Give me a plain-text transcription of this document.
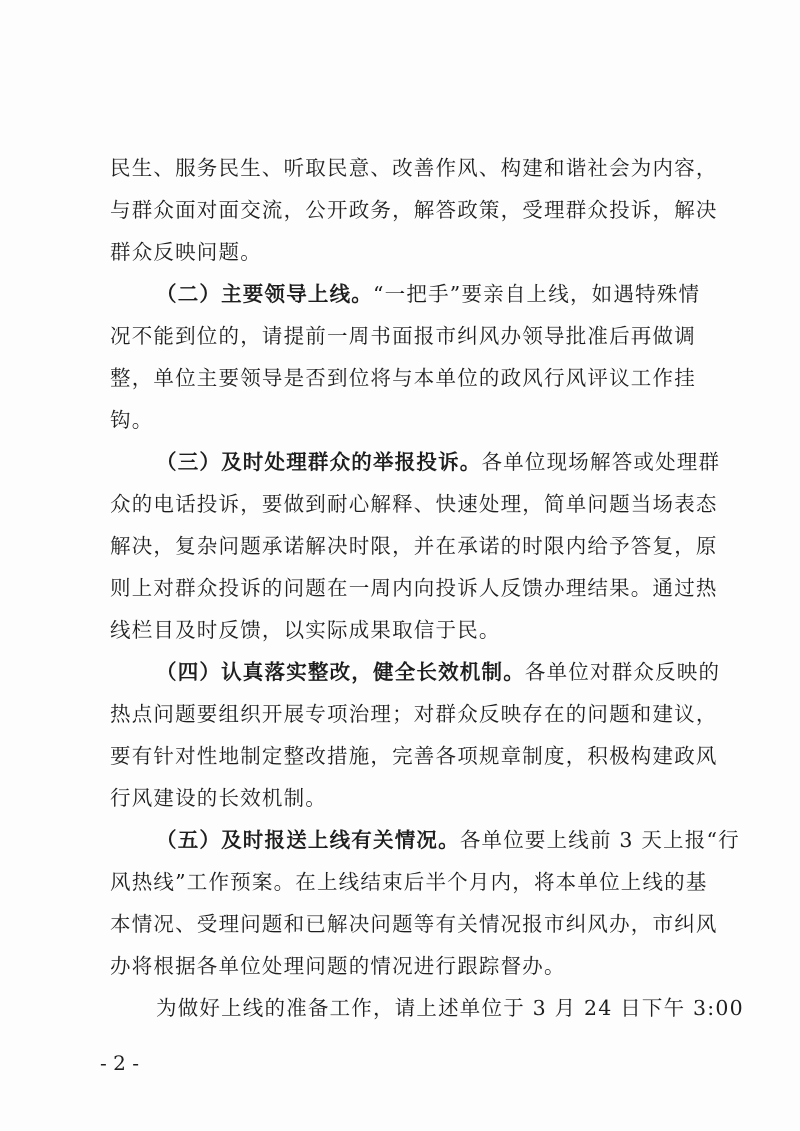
民生、服务民生、听取民意、改善作风、构建和谐社会为内容，
与群众面对面交流，公开政务，解答政策，受理群众投诉，解决
群众反映问题。
（二）主要领导上线。“一把手”要亲自上线，如遇特殊情
况不能到位的，请提前一周书面报市纠风办领导批准后再做调
整，单位主要领导是否到位将与本单位的政风行风评议工作挂
钩。
（三）及时处理群众的举报投诉。各单位现场解答或处理群
众的电话投诉，要做到耐心解释、快速处理，简单问题当场表态
解决，复杂问题承诺解决时限，并在承诺的时限内给予答复，原
则上对群众投诉的问题在一周内向投诉人反馈办理结果。通过热
线栏目及时反馈，以实际成果取信于民。
（四）认真落实整改，健全长效机制。各单位对群众反映的
热点问题要组织开展专项治理；对群众反映存在的问题和建议，
要有针对性地制定整改措施，完善各项规章制度，积极构建政风
行风建设的长效机制。
（五）及时报送上线有关情况。各单位要上线前 3 天上报“行
风热线”工作预案。在上线结束后半个月内，将本单位上线的基
本情况、受理问题和已解决问题等有关情况报市纠风办，市纠风
办将根据各单位处理问题的情况进行跟踪督办。
为做好上线的准备工作，请上述单位于 3 月 24 日下午 3:00
- 2 -
